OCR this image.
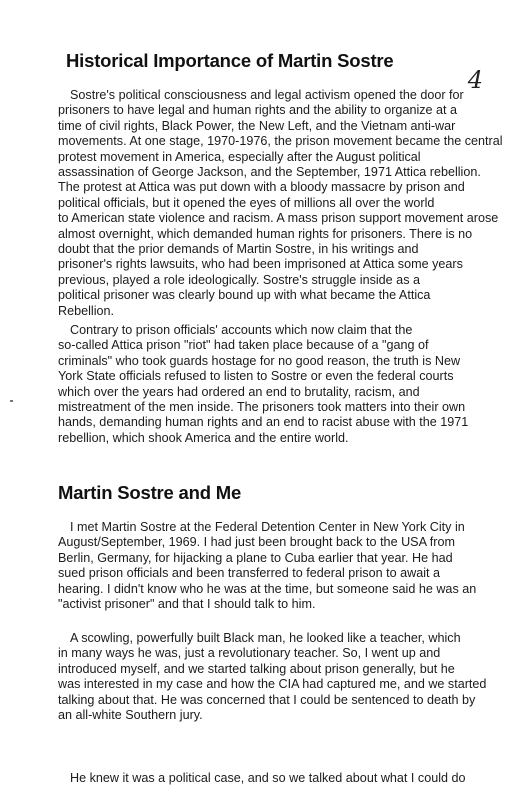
4
Historical Importance of Martin Sostre

Sostre's political consciousness and legal activism opened the door for
prisoners to have legal and human rights and the ability to organize at a
time of civil rights, Black Power, the New Left, and the Vietnam anti-war
movements. At one stage, 1970-1976, the prison movement became the central
protest movement in America, especially after the August political
assassination of George Jackson, and the September, 1971 Attica rebellion.
The protest at Attica was put down with a bloody massacre by prison and
political officials, but it opened the eyes of millions all over the world
to American state violence and racism. A mass prison support movement arose
almost overnight, which demanded human rights for prisoners. There is no
doubt that the prior demands of Martin Sostre, in his writings and
prisoner's rights lawsuits, who had been imprisoned at Attica some years
previous, played a role ideologically. Sostre's struggle inside as a
political prisoner was clearly bound up with what became the Attica
Rebellion.

Contrary to prison officials' accounts which now claim that the
so-called Attica prison "riot" had taken place because of a "gang of
criminals" who took guards hostage for no good reason, the truth is New
York State officials refused to listen to Sostre or even the federal courts
which over the years had ordered an end to brutality, racism, and
mistreatment of the men inside. The prisoners took matters into their own
hands, demanding human rights and an end to racist abuse with the 1971
rebellion, which shook America and the entire world.

Martin Sostre and Me

I met Martin Sostre at the Federal Detention Center in New York City in
August/September, 1969. I had just been brought back to the USA from
Berlin, Germany, for hijacking a plane to Cuba earlier that year. He had
sued prison officials and been transferred to federal prison to await a
hearing. I didn't know who he was at the time, but someone said he was an
"activist prisoner" and that I should talk to him.

A scowling, powerfully built Black man, he looked like a teacher, which
in many ways he was, just a revolutionary teacher. So, I went up and
introduced myself, and we started talking about prison generally, but he
was interested in my case and how the CIA had captured me, and we started
talking about that. He was concerned that I could be sentenced to death by
an all-white Southern jury.

He knew it was a political case, and so we talked about what I could do
